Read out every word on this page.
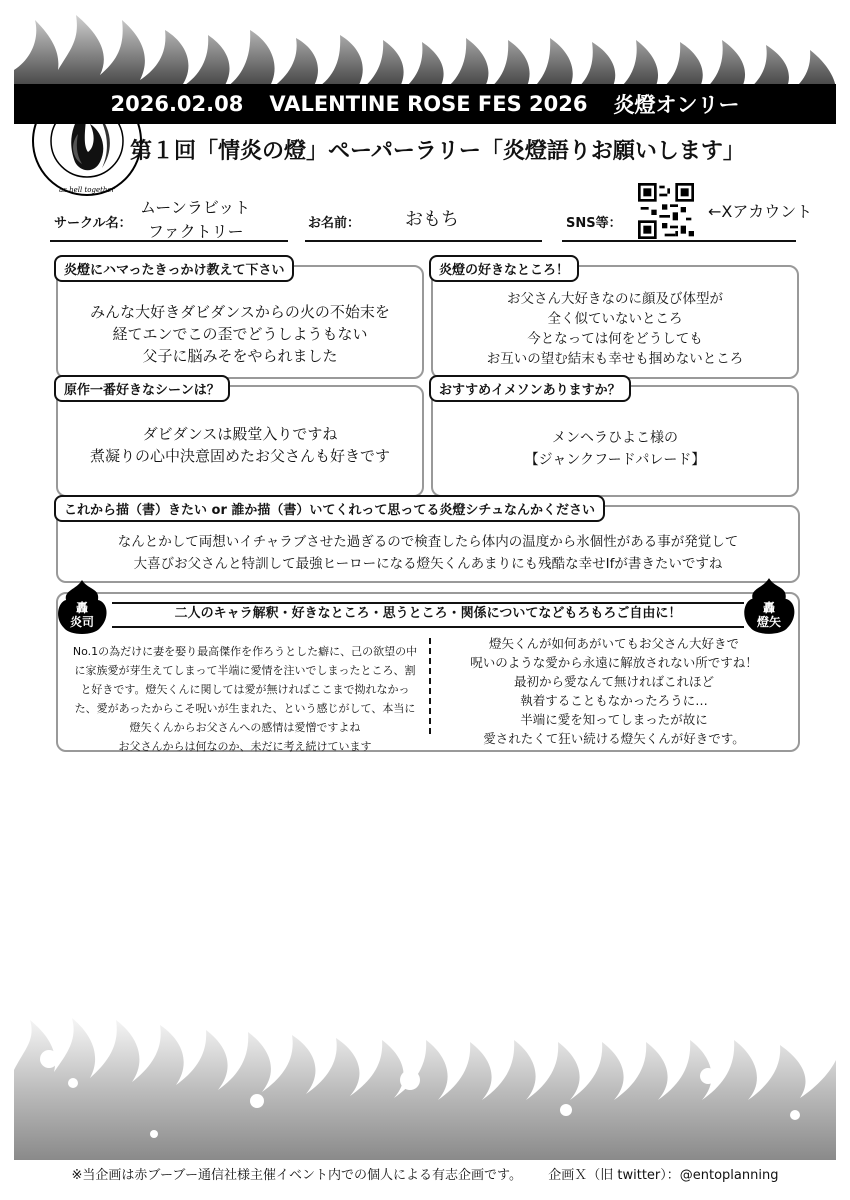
as hell together
2026.02.08 VALENTINE ROSE FES 2026 炎燈オンリー
第１回「情炎の燈」ペーパーラリー「炎燈語りお願いします」
サークル名：
ムーンラビット
ファクトリー	お名前： おもち	SNS等：
←Xアカウント
炎燈にハマったきっかけ教えて下さい
みんな大好きダビダンスからの火の不始末を
経てエンでこの歪でどうしようもない
父子に脳みそをやられました
炎燈の好きなところ！
お父さん大好きなのに顔及び体型が
全く似ていないところ
今となっては何をどうしても
お互いの望む結末も幸せも掴めないところ
原作一番好きなシーンは？
ダビダンスは殿堂入りですね
煮凝りの心中決意固めたお父さんも好きです
おすすめイメソンありますか？
メンヘラひよこ様の
【ジャンクフードパレード】
これから描（書）きたい or 誰か描（書）いてくれって思ってる炎燈シチュなんかください
なんとかして両想いイチャラブさせた過ぎるので検査したら体内の温度から氷個性がある事が発覚して
大喜びお父さんと特訓して最強ヒーローになる燈矢くんあまりにも残酷な幸せIfが書きたいですね
二人のキャラ解釈・好きなところ・思うところ・関係についてなどもろもろご自由に！
No.1の為だけに妻を娶り最高傑作を作ろうとした癖に、己の欲望の中
に家族愛が芽生えてしまって半端に愛情を注いでしまったところ、割
と好きです。燈矢くんに関しては愛が無ければここまで拗れなかっ
た、愛があったからこそ呪いが生まれた、という感じがして、本当に
燈矢くんからお父さんへの感情は愛憎ですよね
お父さんからは何なのか、未だに考え続けています
燈矢くんが如何あがいてもお父さん大好きで
呪いのような愛から永遠に解放されない所ですね！
最初から愛なんて無ければこれほど
執着することもなかったろうに…
半端に愛を知ってしまったが故に
愛されたくて狂い続ける燈矢くんが好きです。
轟
炎司
轟
燈矢
※当企画は赤ブーブー通信社様主催イベント内での個人による有志企画です。 企画Ｘ（旧 twitter）：@entoplanning
